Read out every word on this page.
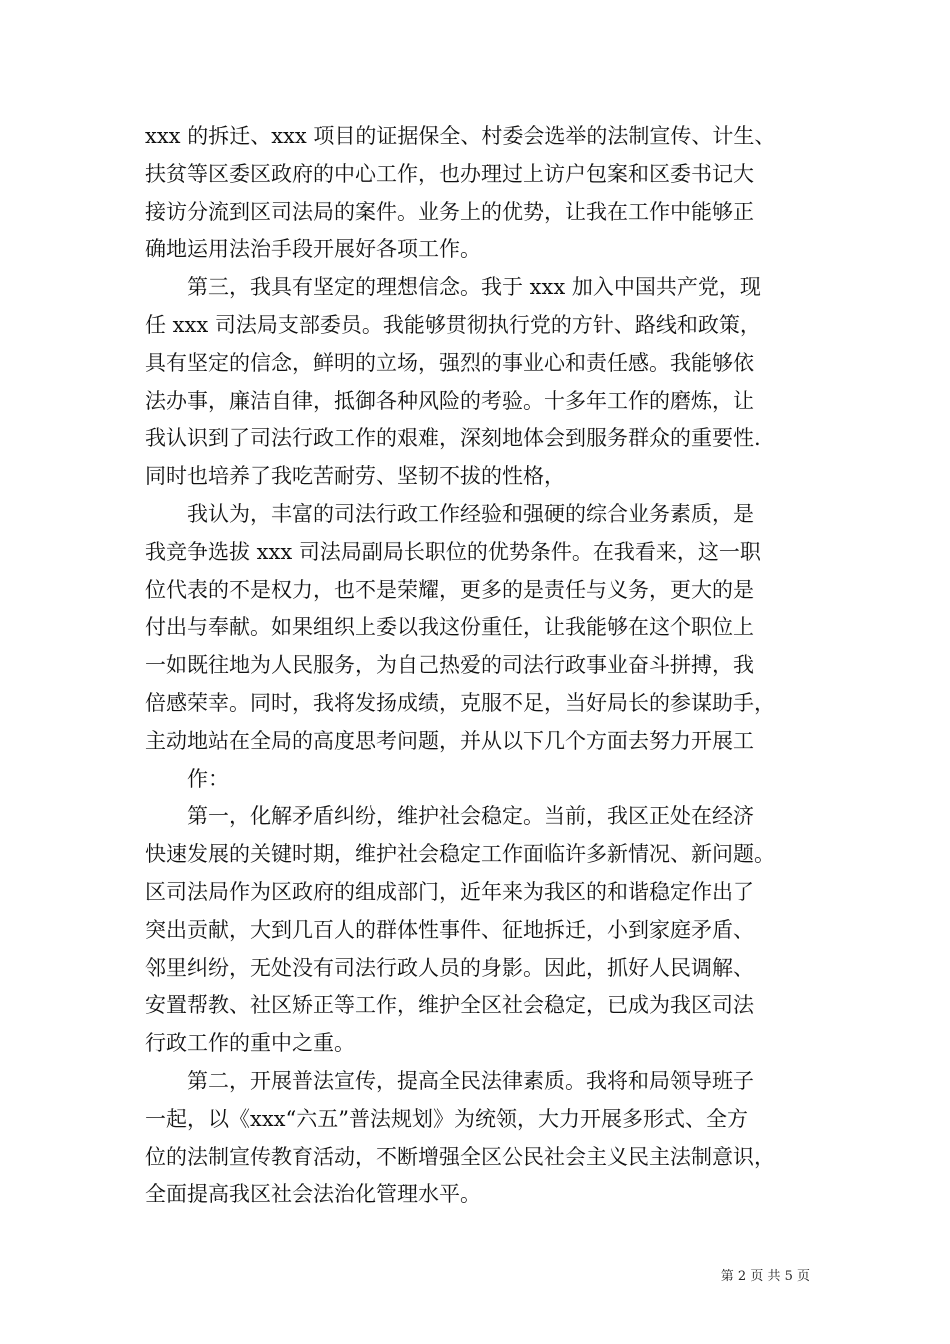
xxx 的拆迁、xxx 项目的证据保全、村委会选举的法制宣传、计生、
扶贫等区委区政府的中心工作，也办理过上访户包案和区委书记大
接访分流到区司法局的案件。业务上的优势，让我在工作中能够正
确地运用法治手段开展好各项工作。
第三，我具有坚定的理想信念。我于 xxx 加入中国共产党，现
任 xxx 司法局支部委员。我能够贯彻执行党的方针、路线和政策，
具有坚定的信念，鲜明的立场，强烈的事业心和责任感。我能够依
法办事，廉洁自律，抵御各种风险的考验。十多年工作的磨炼，让
我认识到了司法行政工作的艰难，深刻地体会到服务群众的重要性.
同时也培养了我吃苦耐劳、坚韧不拔的性格，
我认为，丰富的司法行政工作经验和强硬的综合业务素质，是
我竞争选拔 xxx 司法局副局长职位的优势条件。在我看来，这一职
位代表的不是权力，也不是荣耀，更多的是责任与义务，更大的是
付出与奉献。如果组织上委以我这份重任，让我能够在这个职位上
一如既往地为人民服务，为自己热爱的司法行政事业奋斗拼搏，我
倍感荣幸。同时，我将发扬成绩，克服不足，当好局长的参谋助手，
主动地站在全局的高度思考问题，并从以下几个方面去努力开展工
作：
第一，化解矛盾纠纷，维护社会稳定。当前，我区正处在经济
快速发展的关键时期，维护社会稳定工作面临许多新情况、新问题。
区司法局作为区政府的组成部门，近年来为我区的和谐稳定作出了
突出贡献，大到几百人的群体性事件、征地拆迁，小到家庭矛盾、
邻里纠纷，无处没有司法行政人员的身影。因此，抓好人民调解、
安置帮教、社区矫正等工作，维护全区社会稳定，已成为我区司法
行政工作的重中之重。
第二，开展普法宣传，提高全民法律素质。我将和局领导班子
一起，以《xxx“六五”普法规划》为统领，大力开展多形式、全方
位的法制宣传教育活动，不断增强全区公民社会主义民主法制意识，
全面提高我区社会法治化管理水平。
第 2 页 共 5 页
